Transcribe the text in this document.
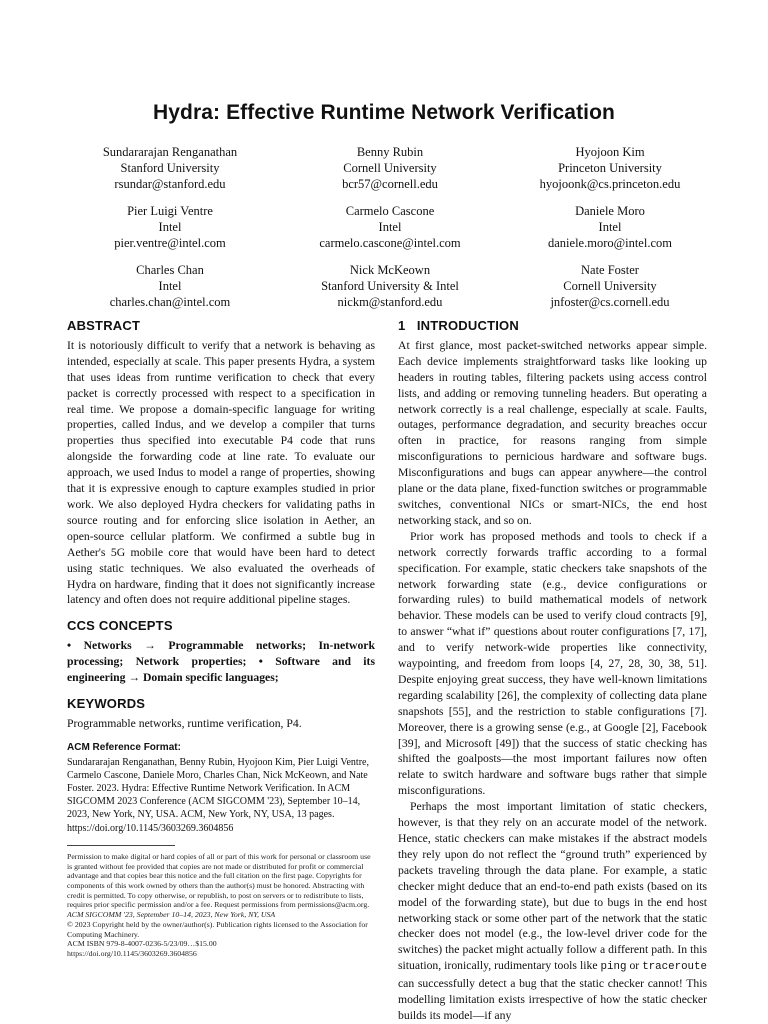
Hydra: Effective Runtime Network Verification
Sundararajan Renganathan
Stanford University
rsundar@stanford.edu
Benny Rubin
Cornell University
bcr57@cornell.edu
Hyojoon Kim
Princeton University
hyojoonk@cs.princeton.edu
Pier Luigi Ventre
Intel
pier.ventre@intel.com
Carmelo Cascone
Intel
carmelo.cascone@intel.com
Daniele Moro
Intel
daniele.moro@intel.com
Charles Chan
Intel
charles.chan@intel.com
Nick McKeown
Stanford University & Intel
nickm@stanford.edu
Nate Foster
Cornell University
jnfoster@cs.cornell.edu
ABSTRACT

It is notoriously difficult to verify that a network is behaving as intended, especially at scale. This paper presents Hydra, a system that uses ideas from runtime verification to check that every packet is correctly processed with respect to a specification in real time. We propose a domain-specific language for writing properties, called Indus, and we develop a compiler that turns properties thus specified into executable P4 code that runs alongside the forwarding code at line rate. To evaluate our approach, we used Indus to model a range of properties, showing that it is expressive enough to capture examples studied in prior work. We also deployed Hydra checkers for validating paths in source routing and for enforcing slice isolation in Aether, an open-source cellular platform. We confirmed a subtle bug in Aether's 5G mobile core that would have been hard to detect using static techniques. We also evaluated the overheads of Hydra on hardware, finding that it does not significantly increase latency and often does not require additional pipeline stages.

CCS CONCEPTS

• Networks → Programmable networks; In-network processing; Network properties; • Software and its engineering → Domain specific languages;

KEYWORDS

Programmable networks, runtime verification, P4.

ACM Reference Format:

Sundararajan Renganathan, Benny Rubin, Hyojoon Kim, Pier Luigi Ventre, Carmelo Cascone, Daniele Moro, Charles Chan, Nick McKeown, and Nate Foster. 2023. Hydra: Effective Runtime Network Verification. In ACM SIGCOMM 2023 Conference (ACM SIGCOMM '23), September 10–14, 2023, New York, NY, USA. ACM, New York, NY, USA, 13 pages. https://doi.org/10.1145/3603269.3604856

Permission to make digital or hard copies of all or part of this work for personal or classroom use is granted without fee provided that copies are not made or distributed for profit or commercial advantage and that copies bear this notice and the full citation on the first page. Copyrights for components of this work owned by others than the author(s) must be honored. Abstracting with credit is permitted. To copy otherwise, or republish, to post on servers or to redistribute to lists, requires prior specific permission and/or a fee. Request permissions from permissions@acm.org.

ACM SIGCOMM '23, September 10–14, 2023, New York, NY, USA

© 2023 Copyright held by the owner/author(s). Publication rights licensed to the Association for Computing Machinery.

ACM ISBN 979-8-4007-0236-5/23/09…$15.00

https://doi.org/10.1145/3603269.3604856

1   INTRODUCTION

At first glance, most packet-switched networks appear simple. Each device implements straightforward tasks like looking up headers in routing tables, filtering packets using access control lists, and adding or removing tunneling headers. But operating a network correctly is a real challenge, especially at scale. Faults, outages, performance degradation, and security breaches occur often in practice, for reasons ranging from simple misconfigurations to pernicious hardware and software bugs. Misconfigurations and bugs can appear anywhere—the control plane or the data plane, fixed-function switches or programmable switches, conventional NICs or smart-NICs, the end host networking stack, and so on.

Prior work has proposed methods and tools to check if a network correctly forwards traffic according to a formal specification. For example, static checkers take snapshots of the network forwarding state (e.g., device configurations or forwarding rules) to build mathematical models of network behavior. These models can be used to verify cloud contracts [9], to answer “what if” questions about router configurations [7, 17], and to verify network-wide properties like connectivity, waypointing, and freedom from loops [4, 27, 28, 30, 38, 51]. Despite enjoying great success, they have well-known limitations regarding scalability [26], the complexity of collecting data plane snapshots [55], and the restriction to stable configurations [7]. Moreover, there is a growing sense (e.g., at Google [2], Facebook [39], and Microsoft [49]) that the success of static checking has shifted the goalposts—the most important failures now often relate to switch hardware and software bugs rather that simple misconfigurations.

Perhaps the most important limitation of static checkers, however, is that they rely on an accurate model of the network. Hence, static checkers can make mistakes if the abstract models they rely upon do not reflect the “ground truth” experienced by packets traveling through the data plane. For example, a static checker might deduce that an end-to-end path exists (based on its model of the forwarding state), but due to bugs in the end host networking stack or some other part of the network that the static checker does not model (e.g., the low-level driver code for the switches) the packet might actually follow a different path. In this situation, ironically, rudimentary tools like ping or traceroute can successfully detect a bug that the static checker cannot! This modelling limitation exists irrespective of how the static checker builds its model—if any
